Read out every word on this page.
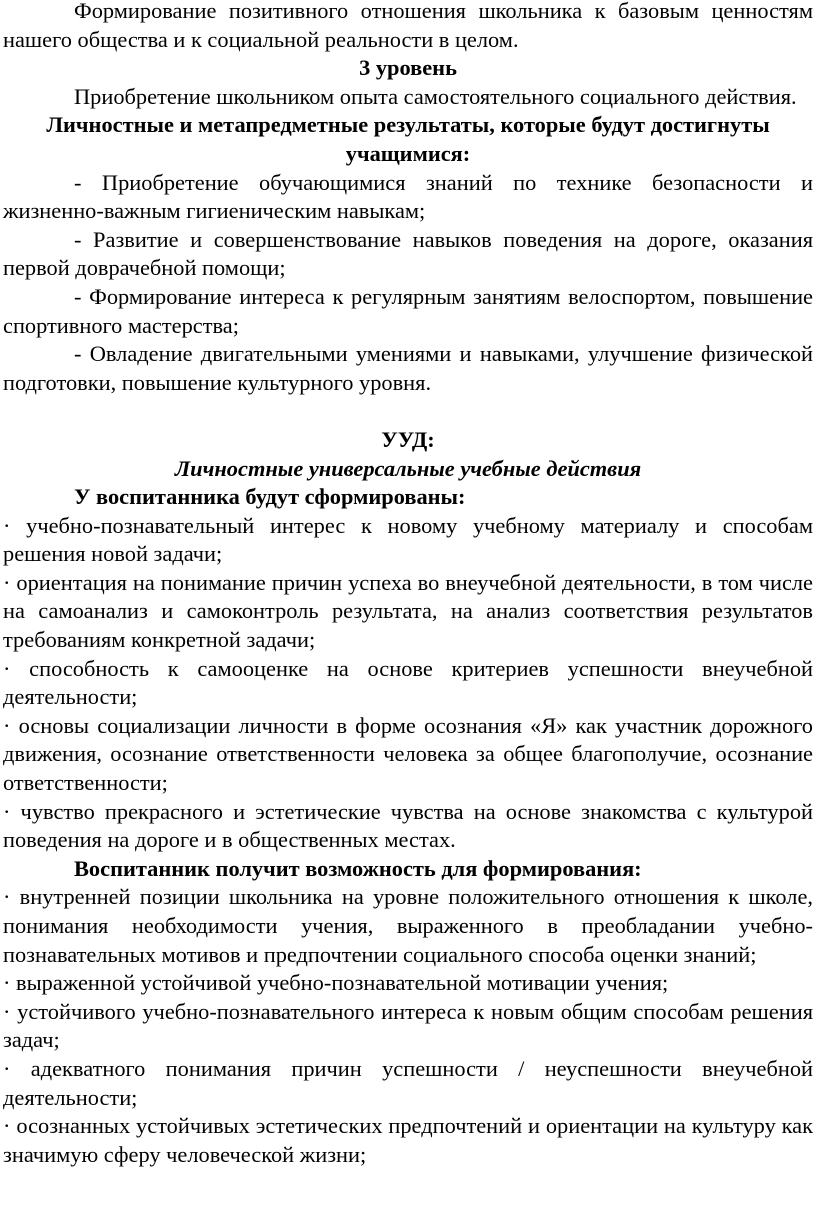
Формирование позитивного отношения школьника к базовым ценностям нашего общества и к социальной реальности в целом.

3 уровень

Приобретение школьником опыта самостоятельного социального действия.

Личностные и метапредметные результаты, которые будут достигнуты учащимися:

- Приобретение обучающимися знаний по технике безопасности и жизненно-важным гигиеническим навыкам;

- Развитие и совершенствование навыков поведения на дороге, оказания первой доврачебной помощи;

- Формирование интереса к регулярным занятиям велоспортом, повышение спортивного мастерства;

- Овладение двигательными умениями и навыками, улучшение физической подготовки, повышение культурного уровня.

УУД:

Личностные универсальные учебные действия

У воспитанника будут сформированы:

· учебно-познавательный интерес к новому учебному материалу и способам решения новой задачи;

· ориентация на понимание причин успеха во внеучебной деятельности, в том числе на самоанализ и самоконтроль результата, на анализ соответствия результатов требованиям конкретной задачи;

· способность к самооценке на основе критериев успешности внеучебной деятельности;

· основы социализации личности в форме осознания «Я» как участник дорожного движения, осознание ответственности человека за общее благополучие, осознание ответственности;

· чувство прекрасного и эстетические чувства на основе знакомства с культурой поведения на дороге и в общественных местах.

Воспитанник получит возможность для формирования:

· внутренней позиции школьника на уровне положительного отношения к школе, понимания необходимости учения, выраженного в преобладании учебно-познавательных мотивов и предпочтении социального способа оценки знаний;

· выраженной устойчивой учебно-познавательной мотивации учения;

· устойчивого учебно-познавательного интереса к новым общим способам решения задач;

· адекватного понимания причин успешности / неуспешности внеучебной деятельности;

· осознанных устойчивых эстетических предпочтений и ориентации на культуру как значимую сферу человеческой жизни;
